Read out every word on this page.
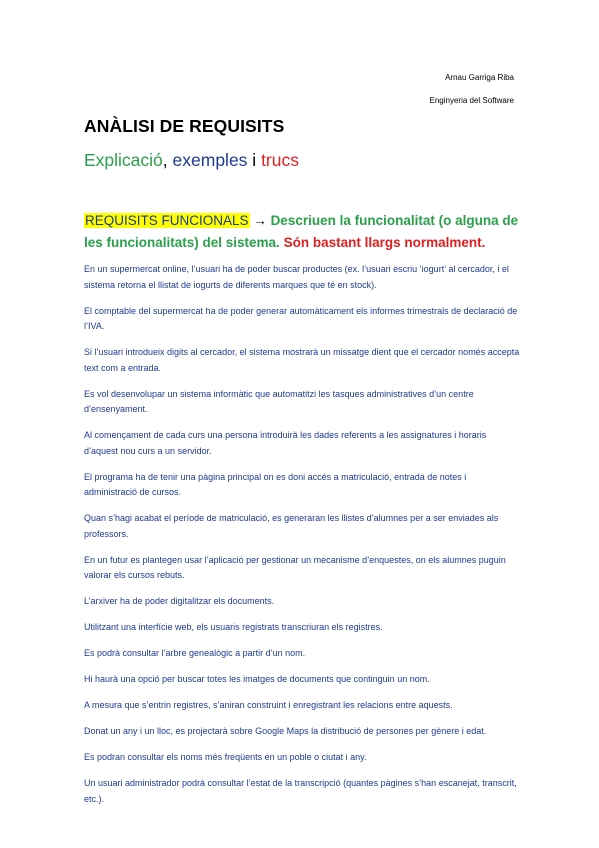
Arnau Garriga Riba
Enginyeria del Software
ANÀLISI DE REQUISITS
Explicació, exemples i trucs
REQUISITS FUNCIONALS → Descriuen la funcionalitat (o alguna de les funcionalitats) del sistema. Són bastant llargs normalment.
En un supermercat online, l’usuari ha de poder buscar productes (ex. l’usuari escriu ‘iogurt’ al cercador, i el sistema retorna el llistat de iogurts de diferents marques que té en stock).
El comptable del supermercat ha de poder generar automàticament els informes trimestrals de declaració de l’IVA.
Si l’usuari introdueix digits al cercador, el sistema mostrarà un missatge dient que el cercador només accepta text com a entrada.
Es vol desenvolupar un sistema informàtic que automatitzi les tasques administratives d’un centre d’ensenyament.
Al començament de cada curs una persona introduirà les dades referents a les assignatures i horaris d’aquest nou curs a un servidor.
El programa ha de tenir una pàgina principal on es doni accés a matriculació, entrada de notes i administració de cursos.
Quan s’hagi acabat el període de matriculació, es generaran les llistes d’alumnes per a ser enviades als professors.
En un futur es plantegen usar l’aplicació per gestionar un mecanisme d’enquestes, on els alumnes puguin valorar els cursos rebuts.
L’arxiver ha de poder digitalitzar els documents.
Utilitzant una interfície web, els usuaris registrats transcriuran els registres.
Es podrà consultar l’arbre genealògic a partir d’un nom.
Hi haurà una opció per buscar totes les imatges de documents que continguin un nom.
A mesura que s’entrin registres, s’aniran construint i enregistrant les relacions entre aquests.
Donat un any i un lloc, es projectarà sobre Google Maps la distribució de persones per gènere i edat.
Es podran consultar els noms més freqüents en un poble o ciutat i any.
Un usuari administrador podrà consultar l’estat de la transcripció (quantes pàgines s’han escanejat, transcrit, etc.).
